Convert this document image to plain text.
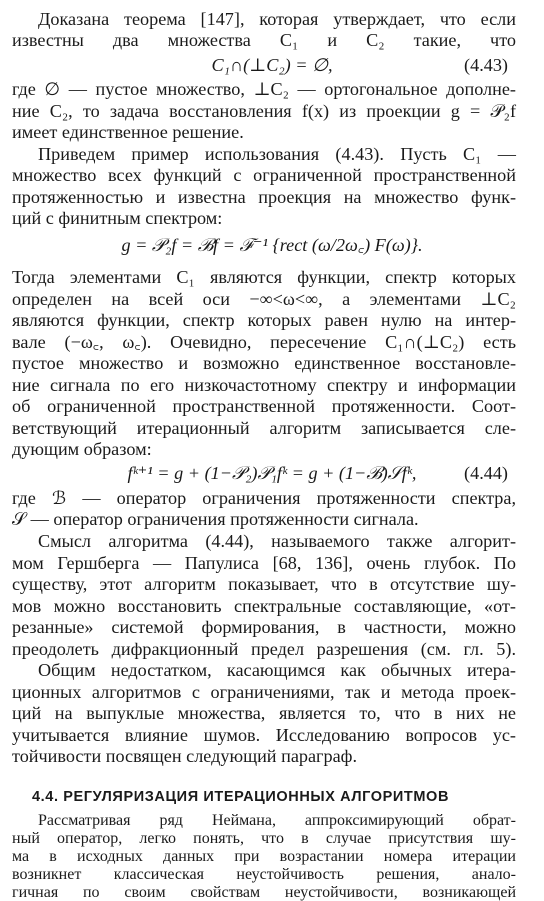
Доказана теорема [147], которая утверждает, что если
известны два множества C₁ и C₂ такие, что
C₁∩(⊥C₂) = ∅,	(4.43)
где ∅ — пустое множество, ⊥C₂ — ортогональное дополне-
ние C₂, то задача восстановления f(x) из проекции g = 𝒫₂f
имеет единственное решение.
Приведем пример использования (4.43). Пусть C₁ —
множество всех функций с ограниченной пространственной
протяженностью и известна проекция на множество функ-
ций с финитным спектром:
g = 𝒫₂f = ℬf = ℱ⁻¹ {rect (ω/2ω꜀) F(ω)}.
Тогда элементами C₁ являются функции, спектр которых
определен на всей оси −∞<ω<∞, а элементами ⊥C₂
являются функции, спектр которых равен нулю на интер-
вале (−ω꜀, ω꜀). Очевидно, пересечение C₁∩(⊥C₂) есть
пустое множество и возможно единственное восстановле-
ние сигнала по его низкочастотному спектру и информации
об ограниченной пространственной протяженности. Соот-
ветствующий итерационный алгоритм записывается сле-
дующим образом:
fᵏ⁺¹ = g + (1−𝒫₂)𝒫₁fᵏ = g + (1−ℬ)𝒮fᵏ,	(4.44)
где ℬ — оператор ограничения протяженности спектра,
𝒮 — оператор ограничения протяженности сигнала.
Смысл алгоритма (4.44), называемого также алгорит-
мом Гершберга — Папулиса [68, 136], очень глубок. По
существу, этот алгоритм показывает, что в отсутствие шу-
мов можно восстановить спектральные составляющие, «от-
резанные» системой формирования, в частности, можно
преодолеть дифракционный предел разрешения (см. гл. 5).
Общим недостатком, касающимся как обычных итера-
ционных алгоритмов с ограничениями, так и метода проек-
ций на выпуклые множества, является то, что в них не
учитывается влияние шумов. Исследованию вопросов ус-
тойчивости посвящен следующий параграф.
4.4. РЕГУЛЯРИЗАЦИЯ ИТЕРАЦИОННЫХ АЛГОРИТМОВ
Рассматривая ряд Неймана, аппроксимирующий обрат-
ный оператор, легко понять, что в случае присутствия шу-
ма в исходных данных при возрастании номера итерации
возникнет классическая неустойчивость решения, анало-
гичная по своим свойствам неустойчивости, возникающей
